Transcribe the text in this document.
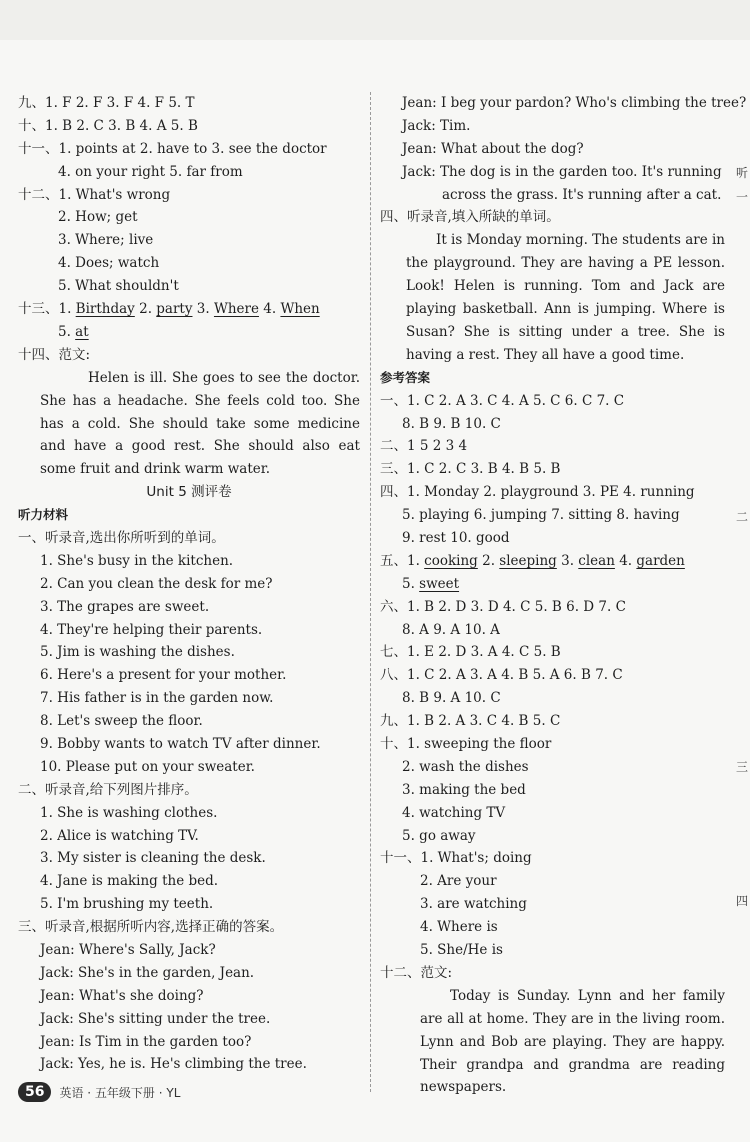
九、1. F 2. F 3. F 4. F 5. T
十、1. B 2. C 3. B 4. A 5. B
十一、1. points at 2. have to 3. see the doctor
4. on your right 5. far from
十二、1. What's wrong
2. How; get
3. Where; live
4. Does; watch
5. What shouldn't
十三、1. Birthday 2. party 3. Where 4. When
5. at
十四、范文:
Helen is ill. She goes to see the doctor. She has a headache. She feels cold too. She has a cold. She should take some medicine and have a good rest. She should also eat some fruit and drink warm water.
Unit 5 测评卷
听力材料
一、听录音,选出你所听到的单词。
1. She's busy in the kitchen.
2. Can you clean the desk for me?
3. The grapes are sweet.
4. They're helping their parents.
5. Jim is washing the dishes.
6. Here's a present for your mother.
7. His father is in the garden now.
8. Let's sweep the floor.
9. Bobby wants to watch TV after dinner.
10. Please put on your sweater.
二、听录音,给下列图片排序。
1. She is washing clothes.
2. Alice is watching TV.
3. My sister is cleaning the desk.
4. Jane is making the bed.
5. I'm brushing my teeth.
三、听录音,根据所听内容,选择正确的答案。
Jean: Where's Sally, Jack?
Jack: She's in the garden, Jean.
Jean: What's she doing?
Jack: She's sitting under the tree.
Jean: Is Tim in the garden too?
Jack: Yes, he is. He's climbing the tree.
Jean: I beg your pardon? Who's climbing the tree?
Jack: Tim.
Jean: What about the dog?
Jack: The dog is in the garden too. It's running
across the grass. It's running after a cat.
四、听录音,填入所缺的单词。
It is Monday morning. The students are in the playground. They are having a PE lesson. Look! Helen is running. Tom and Jack are playing basketball. Ann is jumping. Where is Susan? She is sitting under a tree. She is having a rest. They all have a good time.
参考答案
一、1. C 2. A 3. C 4. A 5. C 6. C 7. C
8. B 9. B 10. C
二、1 5 2 3 4
三、1. C 2. C 3. B 4. B 5. B
四、1. Monday 2. playground 3. PE 4. running
5. playing 6. jumping 7. sitting 8. having
9. rest 10. good
五、1. cooking 2. sleeping 3. clean 4. garden
5. sweet
六、1. B 2. D 3. D 4. C 5. B 6. D 7. C
8. A 9. A 10. A
七、1. E 2. D 3. A 4. C 5. B
八、1. C 2. A 3. A 4. B 5. A 6. B 7. C
8. B 9. A 10. C
九、1. B 2. A 3. C 4. B 5. C
十、1. sweeping the floor
2. wash the dishes
3. making the bed
4. watching TV
5. go away
十一、1. What's; doing
2. Are your
3. are watching
4. Where is
5. She/He is
十二、范文:
Today is Sunday. Lynn and her family are all at home. They are in the living room. Lynn and Bob are playing. They are happy. Their grandpa and grandma are reading newspapers.
听
一
二
三
四
56	英语 · 五年级下册 · YL
